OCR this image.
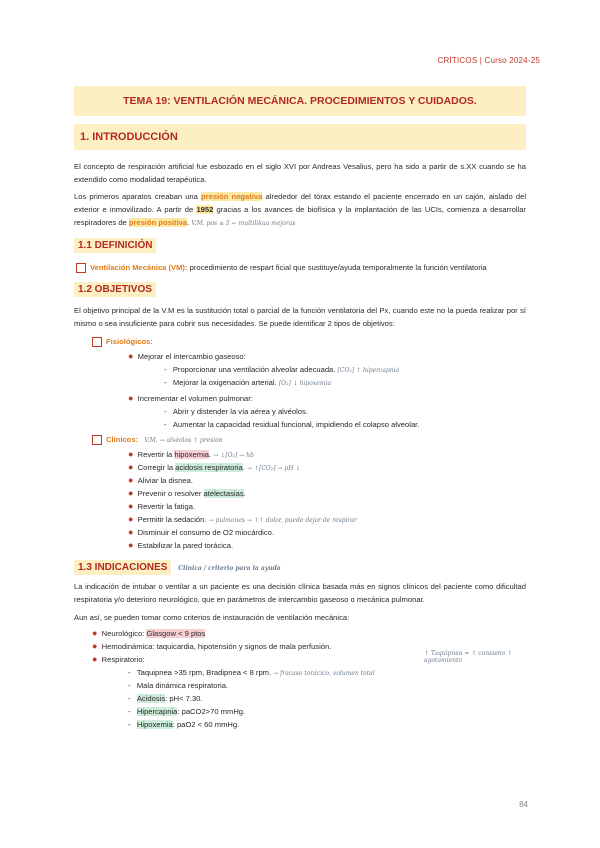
CRÍTICOS | Curso 2024-25
TEMA 19: VENTILACIÓN MECÁNICA. PROCEDIMIENTOS Y CUIDADOS.
1. INTRODUCCIÓN
El concepto de respiración artificial fue esbozado en el siglo XVI por Andreas Vesalius, pero ha sido a partir de s.XX cuando se ha extendido como modalidad terapéutica.
Los primeros aparatos creaban una presión negativa alrededor del tórax estando el paciente encerrado en un cajón, aislado del exterior e inmovilizado. A partir de 1952 gracias a los avances de biofísica y la implantación de las UCIs, comienza a desarrollar respiradores de presión positiva. V.M. pos ≥ 5 ← multilikua mejoras
1.1 DEFINICIÓN
Ventilación Mecánica (VM): procedimiento de respart ficial que sustituye/ayuda temporalmente la función ventilatoria
1.2 OBJETIVOS
El objetivo principal de la V.M es la sustitución total o parcial de la función ventilatoria del Px, cuando este no la pueda realizar por sí mismo o sea insuficiente para cubrir sus necesidades. Se puede identificar 2 tipos de objetivos:
Fisiológicos:
● Mejorar el intercambio gaseoso:
-   Proporcionar una ventilación alveolar adecuada. [CO₂] ↑ hipercapnia
-   Mejorar la oxigenación arterial. [O₂] ↓ hipoxemia
● Incrementar el volumen pulmonar:
-   Abrir y distender la vía aérea y alvéolos.
-   Aumentar la capacidad residual funcional, impidiendo el colapso alveolar.
Clínicos: V.M. → alvéolos ↑ presión
● Revertir la hipoxemia. → ↓[O₂] → hb
● Corregir la acidosis respiratoria. → ↑[CO₂] → pH ↓
● Aliviar la disnea.
● Prevenir o resolver atelectasias.
● Revertir la fatiga.
● Permitir la sedación. → pulmones → ↑↑ dolor, puede dejar de respirar
● Disminuir el consumo de O2 miocárdico.
● Estabilizar la pared torácica.
1.3 INDICACIONES Clínica / criterio para la ayuda
La indicación de intubar o ventilar a un paciente es una decisión clínica basada más en signos clínicos del paciente como dificultad respiratoria y/o deterioro neurológico, que en parámetros de intercambio gaseoso o mecánica pulmonar.
Aun así, se pueden tomar como criterios de instauración de ventilación mecánica:
● Neurológico: Glasgow < 9 ptos
● Hemodinámica: taquicardia, hipotensión y signos de mala perfusión.
● Respiratorio:
-   Taquipnea >35 rpm, Bradipnea < 8 rpm. → fracaso torácico, volumen total
-   Mala dinámica respiratoria.
-   Acidosis: pH< 7.30.
-   Hipercapnia: paCO2>70 mmHg.
-   Hipoxemia: paO2 < 60 mmHg.
↑ Taquipnea = ↑ consumo ↑ agotamiento
84
